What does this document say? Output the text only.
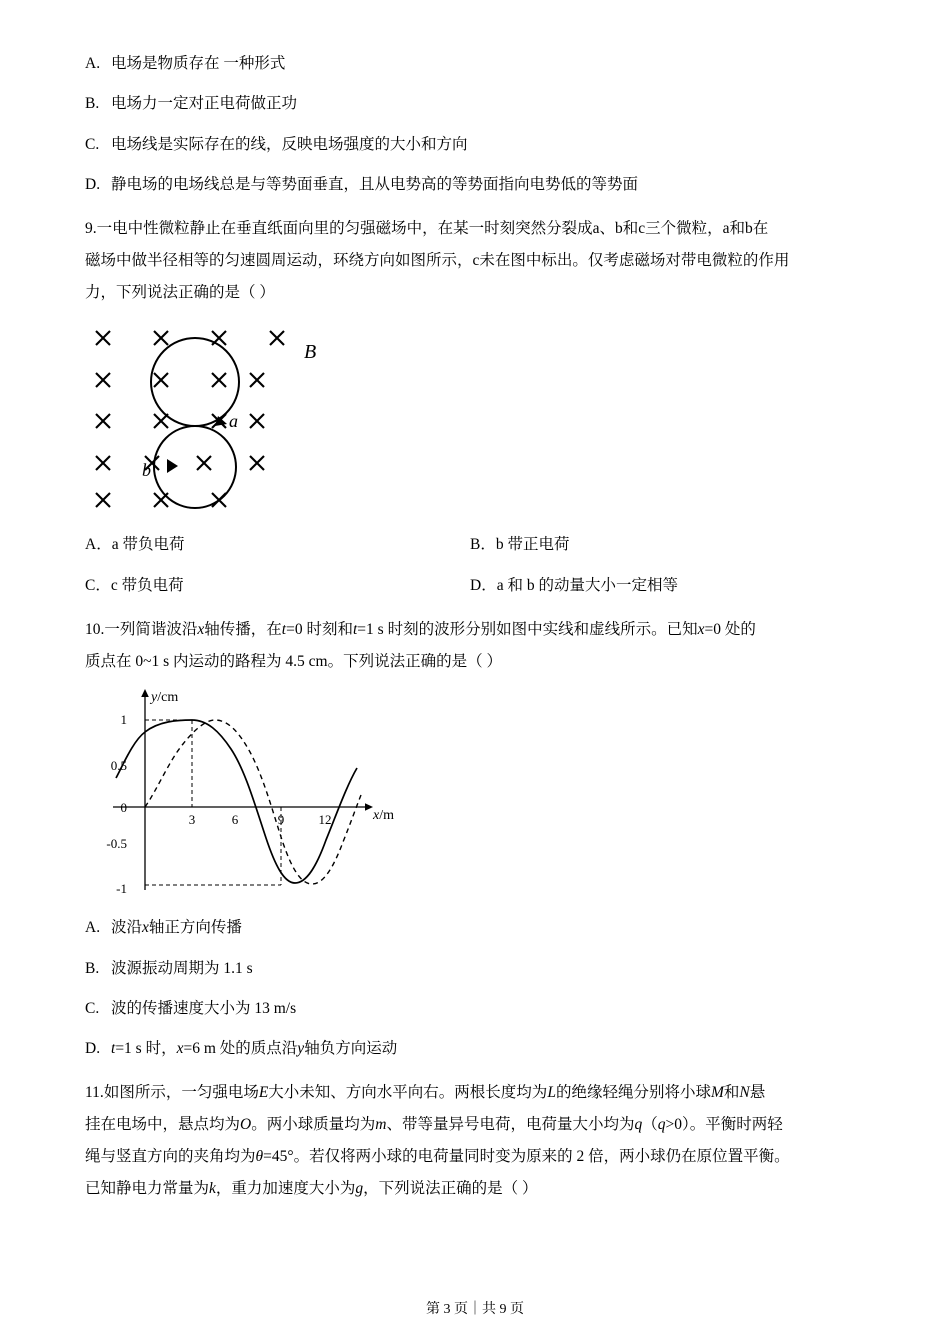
A. 电场是物质存在 一种形式
B. 电场力一定对正电荷做正功
C. 电场线是实际存在的线，反映电场强度的大小和方向
D. 静电场的电场线总是与等势面垂直，且从电势高的等势面指向电势低的等势面
9.一电中性微粒静止在垂直纸面向里的匀强磁场中，在某一时刻突然分裂成a、b和c三个微粒，a和b在
磁场中做半径相等的匀速圆周运动，环绕方向如图所示，c未在图中标出。仅考虑磁场对带电微粒的作用
力，下列说法正确的是（ ）
B
a
b
A．a 带负电荷	B．b 带正电荷
C．c 带负电荷	D．a 和 b 的动量大小一定相等
10.一列简谐波沿x轴传播，在t=0 时刻和t=1 s 时刻的波形分别如图中实线和虚线所示。已知x=0 处的
质点在 0~1 s 内运动的路程为 4.5 cm。下列说法正确的是（ ）
y/cm
x/m
1
0.5
0
-0.5
-1
3	6	9	12
A. 波沿x轴正方向传播
B. 波源振动周期为 1.1 s
C. 波的传播速度大小为 13 m/s
D. t=1 s 时，x=6 m 处的质点沿y轴负方向运动
11.如图所示，一匀强电场E大小未知、方向水平向右。两根长度均为L的绝缘轻绳分别将小球M和N悬
挂在电场中，悬点均为O。两小球质量均为m、带等量异号电荷，电荷量大小均为q（q>0）。平衡时两轻
绳与竖直方向的夹角均为θ=45°。若仅将两小球的电荷量同时变为原来的 2 倍，两小球仍在原位置平衡。
已知静电力常量为k，重力加速度大小为g，下列说法正确的是（ ）
第 3 页｜共 9 页
